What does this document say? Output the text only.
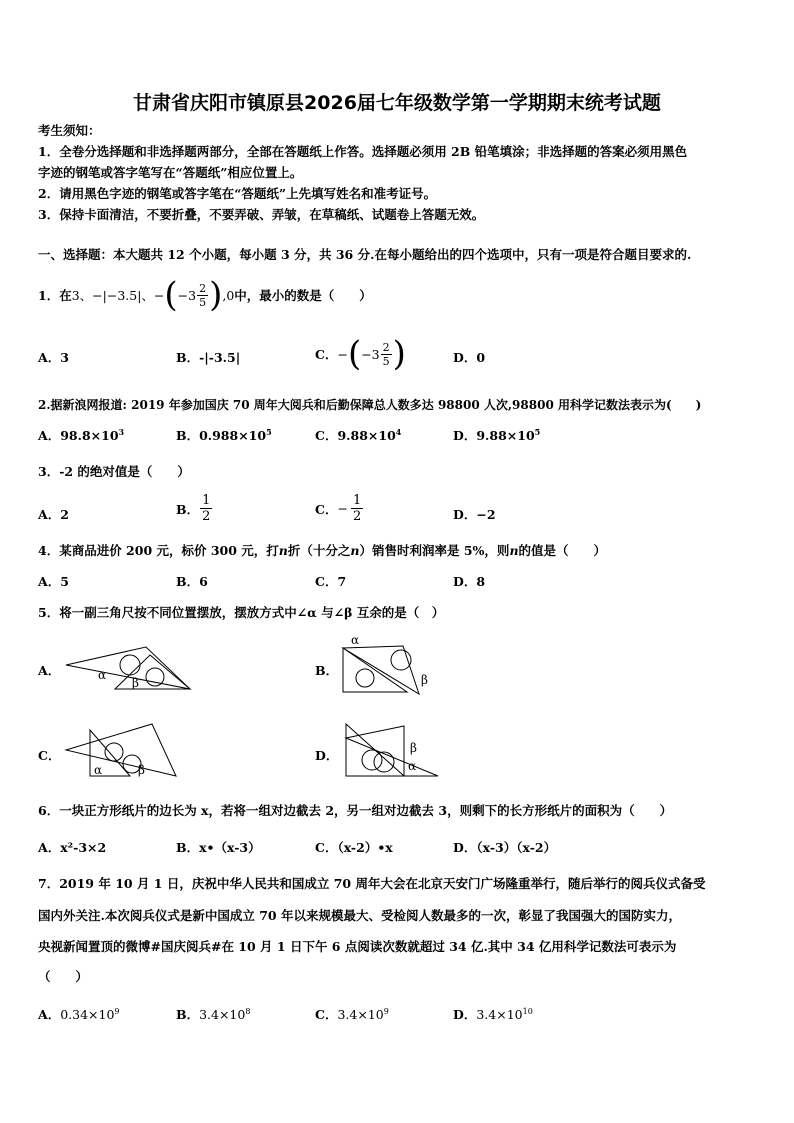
甘肃省庆阳市镇原县2026届七年级数学第一学期期末统考试题
考生须知：
1．全卷分选择题和非选择题两部分，全部在答题纸上作答。选择题必须用 2B 铅笔填涂；非选择题的答案必须用黑色
字迹的钢笔或答字笔写在“答题纸”相应位置上。
2．请用黑色字迹的钢笔或答字笔在“答题纸”上先填写姓名和准考证号。
3．保持卡面清洁，不要折叠，不要弄破、弄皱，在草稿纸、试题卷上答题无效。
一、选择题：本大题共 12 个小题，每小题 3 分，共 36 分.在每小题给出的四个选项中，只有一项是符合题目要求的.
1．在 3、−|−3.5|、− ( $-3 \frac{2}{5}$ ) ,0 中，最小的数是（　　）
A．3	B．-|-3.5|	C． − ( $-3 \frac{2}{5}$ )	D．0
2.据新浪网报道: 2019 年参加国庆 70 周年大阅兵和后勤保障总人数多达 98800 人次,98800 用科学记数法表示为(　　)
A．$98.8\times 10^3$	B．$0.988\times 10^5$	C．$9.88\times 10^4$	D．$9.88\times 10^5$
3．-2 的绝对值是（　　）
A．2	B． $\frac{1}{2}$	C． − $\frac{1}{2}$	D．−2
4．某商品进价 200 元，标价 300 元，打n折（十分之n）销售时利润率是 5%，则n的值是（　　）
A．5	B．6	C．7	D．8
5．将一副三角尺按不同位置摆放，摆放方式中∠α 与∠β 互余的是（　）
A．	α
β
B．
α
β
C．
α	β
D．	β
α
6．一块正方形纸片的边长为 x，若将一组对边截去 2，另一组对边截去 3，则剩下的长方形纸片的面积为（　　）
A．x²-3×2	B．x•（x-3）	C．（x-2）•x	D．（x-3）（x-2）
7．2019 年 10 月 1 日，庆祝中华人民共和国成立 70 周年大会在北京天安门广场隆重举行，随后举行的阅兵仪式备受
国内外关注.本次阅兵仪式是新中国成立 70 年以来规模最大、受检阅人数最多的一次，彰显了我国强大的国防实力，
央视新闻置顶的微博#国庆阅兵#在 10 月 1 日下午 6 点阅读次数就超过 34 亿.其中 34 亿用科学记数法可表示为
（　　）
A．$0.34\times 10^9$	B．$3.4\times 10^8$	C．$3.4\times 10^9$	D．$3.4\times 10^{10}$
